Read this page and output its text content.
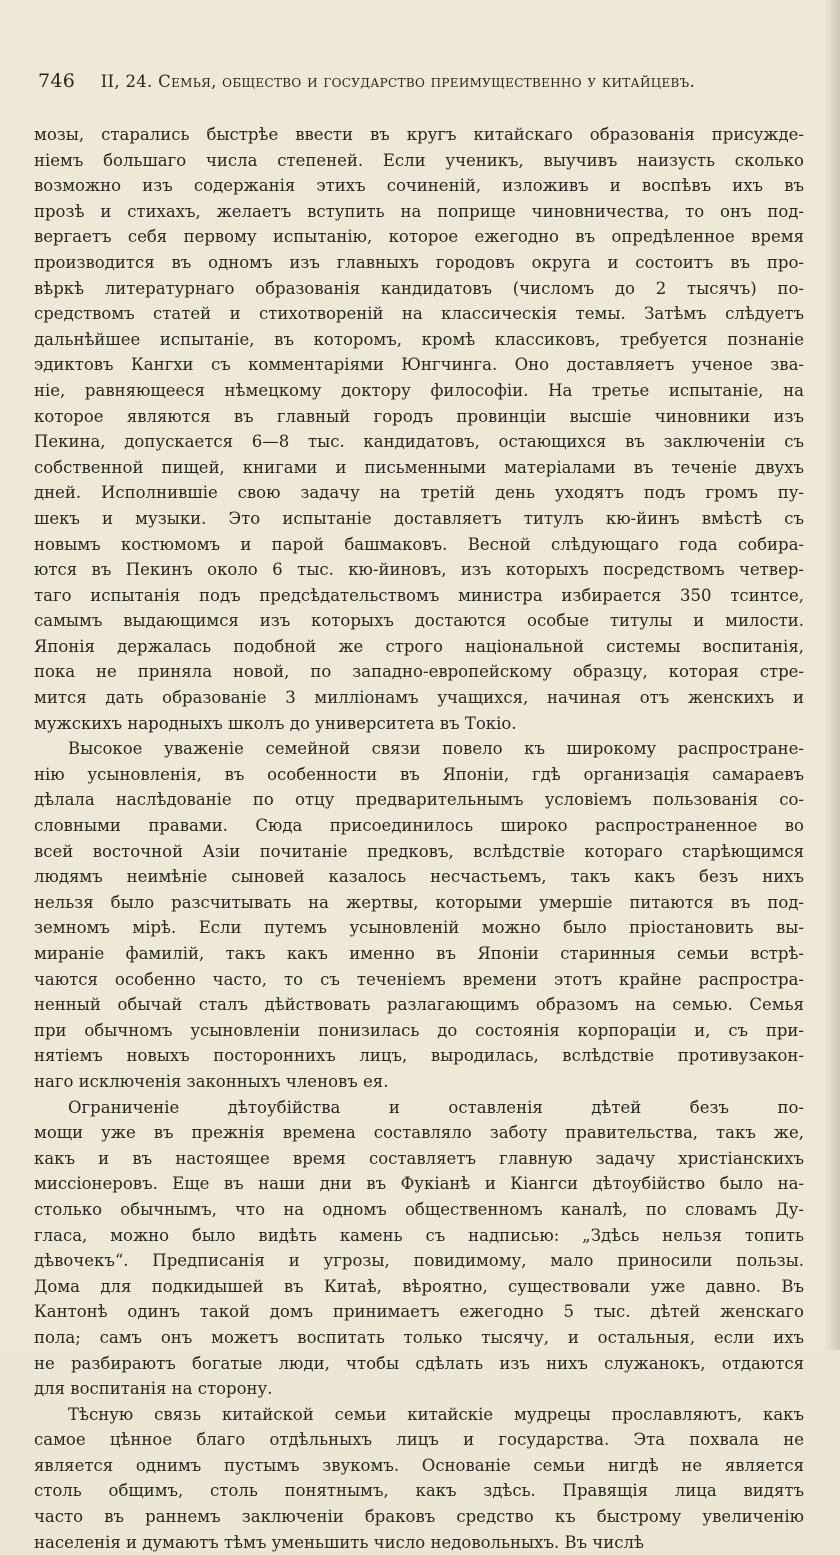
746 II, 24. Семья, общество и государство преимущественно у китайцевъ.
мозы, старались быстрѣе ввести въ кругъ китайскаго образованія присужде-
ніемъ большаго числа степеней. Если ученикъ, выучивъ наизусть сколько
возможно изъ содержанія этихъ сочиненій, изложивъ и воспѣвъ ихъ въ
прозѣ и стихахъ, желаетъ вступить на поприще чиновничества, то онъ под-
вергаетъ себя первому испытанію, которое ежегодно въ опредѣленное время
производится въ одномъ изъ главныхъ городовъ округа и состоитъ въ про-
вѣркѣ литературнаго образованія кандидатовъ (числомъ до 2 тысячъ) по-
средствомъ статей и стихотвореній на классическія темы. Затѣмъ слѣдуетъ
дальнѣйшее испытаніе, въ которомъ, кромѣ классиковъ, требуется познаніе
эдиктовъ Кангхи съ комментаріями Юнгчинга. Оно доставляетъ ученое зва-
ніе, равняющееся нѣмецкому доктору философіи. На третье испытаніе, на
которое являются въ главный городъ провинціи высшіе чиновники изъ
Пекина, допускается 6—8 тыс. кандидатовъ, остающихся въ заключеніи съ
собственной пищей, книгами и письменными матеріалами въ теченіе двухъ
дней. Исполнившіе свою задачу на третій день уходятъ подъ громъ пу-
шекъ и музыки. Это испытаніе доставляетъ титулъ кю-йинъ вмѣстѣ съ
новымъ костюмомъ и парой башмаковъ. Весной слѣдующаго года собира-
ются въ Пекинъ около 6 тыс. кю-йиновъ, изъ которыхъ посредствомъ четвер-
таго испытанія подъ предсѣдательствомъ министра избирается 350 тсинтсе,
самымъ выдающимся изъ которыхъ достаются особые титулы и милости.
Японія держалась подобной же строго національной системы воспитанія,
пока не приняла новой, по западно-европейскому образцу, которая стре-
мится дать образованіе 3 милліонамъ учащихся, начиная отъ женскихъ и
мужскихъ народныхъ школъ до университета въ Токіо.
Высокое уваженіе семейной связи повело къ широкому распростране-
нію усыновленія, въ особенности въ Японіи, гдѣ организація самараевъ
дѣлала наслѣдованіе по отцу предварительнымъ условіемъ пользованія со-
словными правами. Сюда присоединилось широко распространенное во
всей восточной Азіи почитаніе предковъ, вслѣдствіе котораго старѣющимся
людямъ неимѣніе сыновей казалось несчастьемъ, такъ какъ безъ нихъ
нельзя было разсчитывать на жертвы, которыми умершіе питаются въ под-
земномъ мірѣ. Если путемъ усыновленій можно было пріостановить вы-
мираніе фамилій, такъ какъ именно въ Японіи старинныя семьи встрѣ-
чаются особенно часто, то съ теченіемъ времени этотъ крайне распростра-
ненный обычай сталъ дѣйствовать разлагающимъ образомъ на семью. Семья
при обычномъ усыновленіи понизилась до состоянія корпораціи и, съ при-
нятіемъ новыхъ постороннихъ лицъ, выродилась, вслѣдствіе противузакон-
наго исключенія законныхъ членовъ ея.
Ограниченіе дѣтоубійства и оставленія дѣтей безъ по-
мощи уже въ прежнія времена составляло заботу правительства, такъ же,
какъ и въ настоящее время составляетъ главную задачу христіанскихъ
миссіонеровъ. Еще въ наши дни въ Фукіанѣ и Кіангси дѣтоубійство было на-
столько обычнымъ, что на одномъ общественномъ каналѣ, по словамъ Ду-
гласа, можно было видѣть камень съ надписью: „Здѣсь нельзя топить
дѣвочекъ“. Предписанія и угрозы, повидимому, мало приносили пользы.
Дома для подкидышей въ Китаѣ, вѣроятно, существовали уже давно. Въ
Кантонѣ одинъ такой домъ принимаетъ ежегодно 5 тыс. дѣтей женскаго
пола; самъ онъ можетъ воспитать только тысячу, и остальныя, если ихъ
не разбираютъ богатые люди, чтобы сдѣлать изъ нихъ служанокъ, отдаются
для воспитанія на сторону.
Тѣсную связь китайской семьи китайскіе мудрецы прославляютъ, какъ
самое цѣнное благо отдѣльныхъ лицъ и государства. Эта похвала не
является однимъ пустымъ звукомъ. Основаніе семьи нигдѣ не является
столь общимъ, столь понятнымъ, какъ здѣсь. Правящія лица видятъ
часто въ раннемъ заключеніи браковъ средство къ быстрому увеличенію
населенія и думаютъ тѣмъ уменьшить число недовольныхъ. Въ числѣ
